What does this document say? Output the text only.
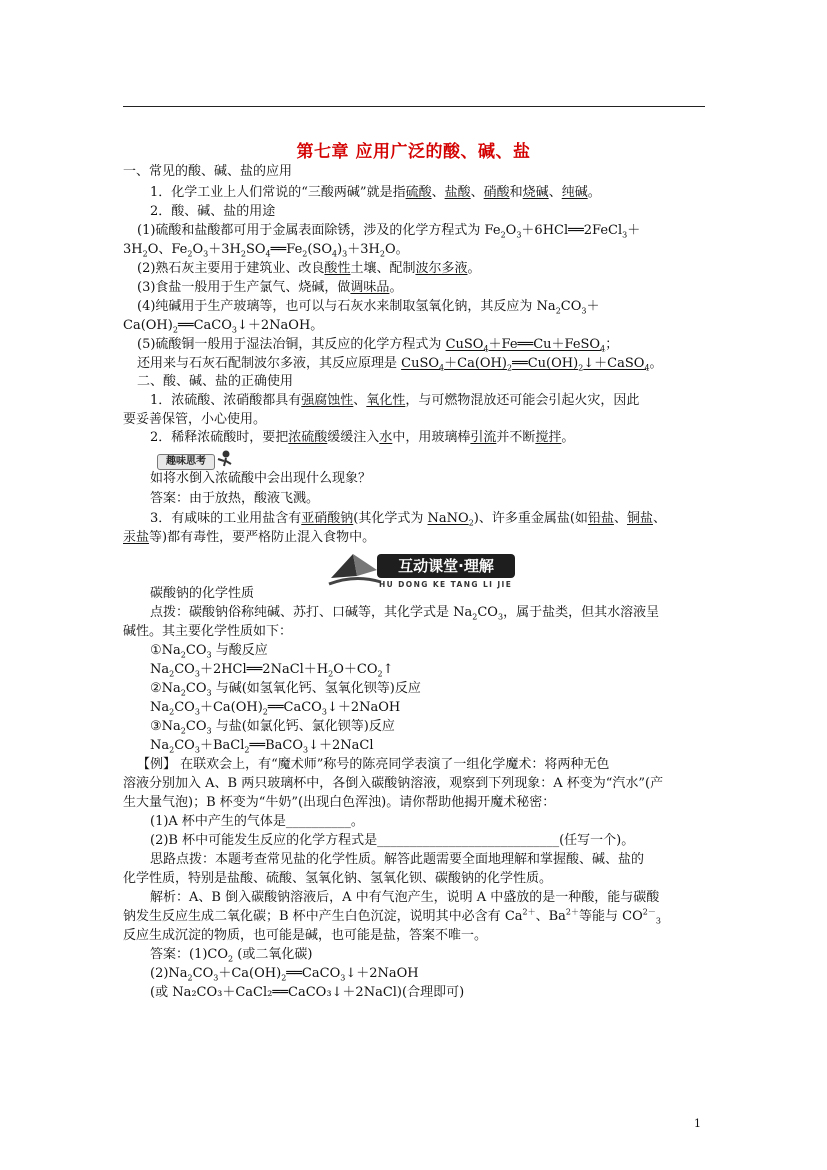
第七章 应用广泛的酸、碱、盐
一、常见的酸、碱、盐的应用
1．化学工业上人们常说的“三酸两碱”就是指硫酸、盐酸、硝酸和烧碱、纯碱。
2．酸、碱、盐的用途
(1)硫酸和盐酸都可用于金属表面除锈，涉及的化学方程式为 $Fe_2O_3+6HCl══2FeCl_3+$
$3H_2O$、$Fe_2O_3+3H_2SO_4══Fe_2(SO_4)_3+3H_2O$。
(2)熟石灰主要用于建筑业、改良酸性土壤、配制波尔多液。
(3)食盐一般用于生产氯气、烧碱，做调味品。
(4)纯碱用于生产玻璃等，也可以与石灰水来制取氢氧化钠，其反应为 $Na_2CO_3+$
$Ca(OH)_2══CaCO_3↓+2NaOH$。
(5)硫酸铜一般用于湿法冶铜，其反应的化学方程式为 CuSO$_4$＋Fe══Cu＋FeSO$_4$；
还用来与石灰石配制波尔多液，其反应原理是 $CuSO_4+Ca(OH)_2══Cu(OH)_2↓+CaSO_4$。
二、酸、碱、盐的正确使用
1．浓硫酸、浓硝酸都具有强腐蚀性、氧化性，与可燃物混放还可能会引起火灾，因此
要妥善保管，小心使用。
2．稀释浓硫酸时，要把浓硫酸缓缓注入水中，用玻璃棒引流并不断搅拌。
趣味思考
如将水倒入浓硫酸中会出现什么现象？
答案：由于放热，酸液飞溅。
3．有咸味的工业用盐含有亚硝酸钠(其化学式为 NaNO$_2$)、许多重金属盐(如铅盐、铜盐、
汞盐等)都有毒性，要严格防止混入食物中。
互动课堂·理解
HU DONG KE TANG LI JIE
碳酸钠的化学性质
点拨：碳酸钠俗称纯碱、苏打、口碱等，其化学式是 $Na_2CO_3$，属于盐类，但其水溶液呈
碱性。其主要化学性质如下：
$①Na_2CO_3$ 与酸反应
$Na_2CO_3+2HCl══2NaCl+H_2O+CO_2↑$
$②Na_2CO_3$ 与碱(如氢氧化钙、氢氧化钡等)反应
$Na_2CO_3+Ca(OH)_2══CaCO_3↓+2NaOH$
$③Na_2CO_3$ 与盐(如氯化钙、氯化钡等)反应
$Na_2CO_3+BaCl_2══BaCO_3↓+2NaCl$
【例】 在联欢会上，有“魔术师”称号的陈亮同学表演了一组化学魔术：将两种无色
溶液分别加入 A、B 两只玻璃杯中，各倒入碳酸钠溶液，观察到下列现象：A 杯变为“汽水”(产
生大量气泡)；B 杯变为“牛奶”(出现白色浑浊)。请你帮助他揭开魔术秘密：
(1)A 杯中产生的气体是__________。
(2)B 杯中可能发生反应的化学方程式是____________________________(任写一个)。
思路点拨：本题考查常见盐的化学性质。解答此题需要全面地理解和掌握酸、碱、盐的
化学性质，特别是盐酸、硫酸、氢氧化钠、氢氧化钡、碳酸钠的化学性质。
解析：A、B 倒入碳酸钠溶液后，A 中有气泡产生，说明 A 中盛放的是一种酸，能与碳酸
钠发生反应生成二氧化碳；B 杯中产生白色沉淀，说明其中必含有 $Ca^{2+}$、$Ba^{2+}$等能与 $CO^{2-}_3$
反应生成沉淀的物质，也可能是碱，也可能是盐，答案不唯一。
答案：$(1)CO_2$ (或二氧化碳)
$(2)Na_2CO_3+Ca(OH)_2══CaCO_3↓+2NaOH$
(或 Na₂CO₃＋CaCl₂══CaCO₃↓＋2NaCl)(合理即可)
1
